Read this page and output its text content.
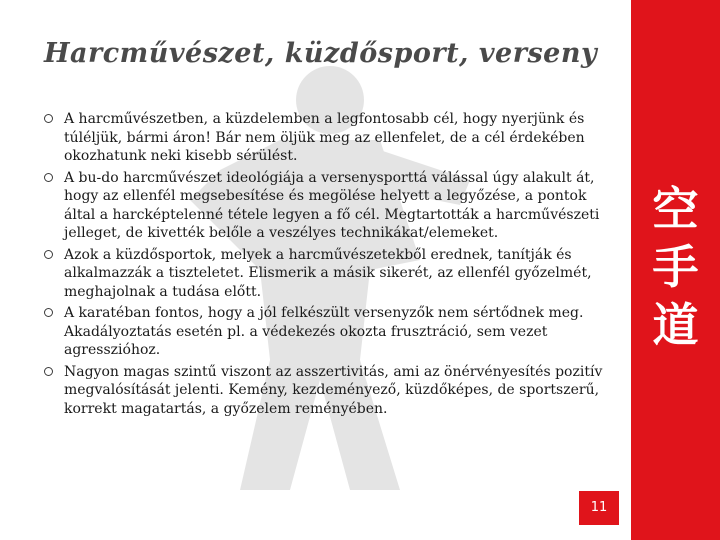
Harcművészet, küzdősport, verseny
A harcművészetben, a küzdelemben a legfontosabb cél, hogy nyerjünk és túléljük, bármi áron! Bár nem öljük meg az ellenfelet, de a cél érdekében okozhatunk neki kisebb sérülést.
A bu-do harcművészet ideológiája a versenysporttá válással úgy alakult át, hogy az ellenfél megsebesítése és megölése helyett a legyőzése, a pontok által a harcképtelenné tétele legyen a fő cél. Megtartották a harcművészeti jelleget, de kivették belőle a veszélyes technikákat/elemeket.
Azok a küzdősportok, melyek a harcművészetekből erednek, tanítják és alkalmazzák a tiszteletet. Elismerik a másik sikerét, az ellenfél győzelmét, meghajolnak a tudása előtt.
A karatéban fontos, hogy a jól felkészült versenyzők nem sértődnek meg. Akadályoztatás esetén pl. a védekezés okozta frusztráció, sem vezet agresszióhoz.
Nagyon magas szintű viszont az asszertivitás, ami az önérvényesítés pozitív megvalósítását jelenti. Kemény, kezdeményező, küzdőképes, de sportszerű, korrekt magatartás, a győzelem reményében.
空
手
道
11
